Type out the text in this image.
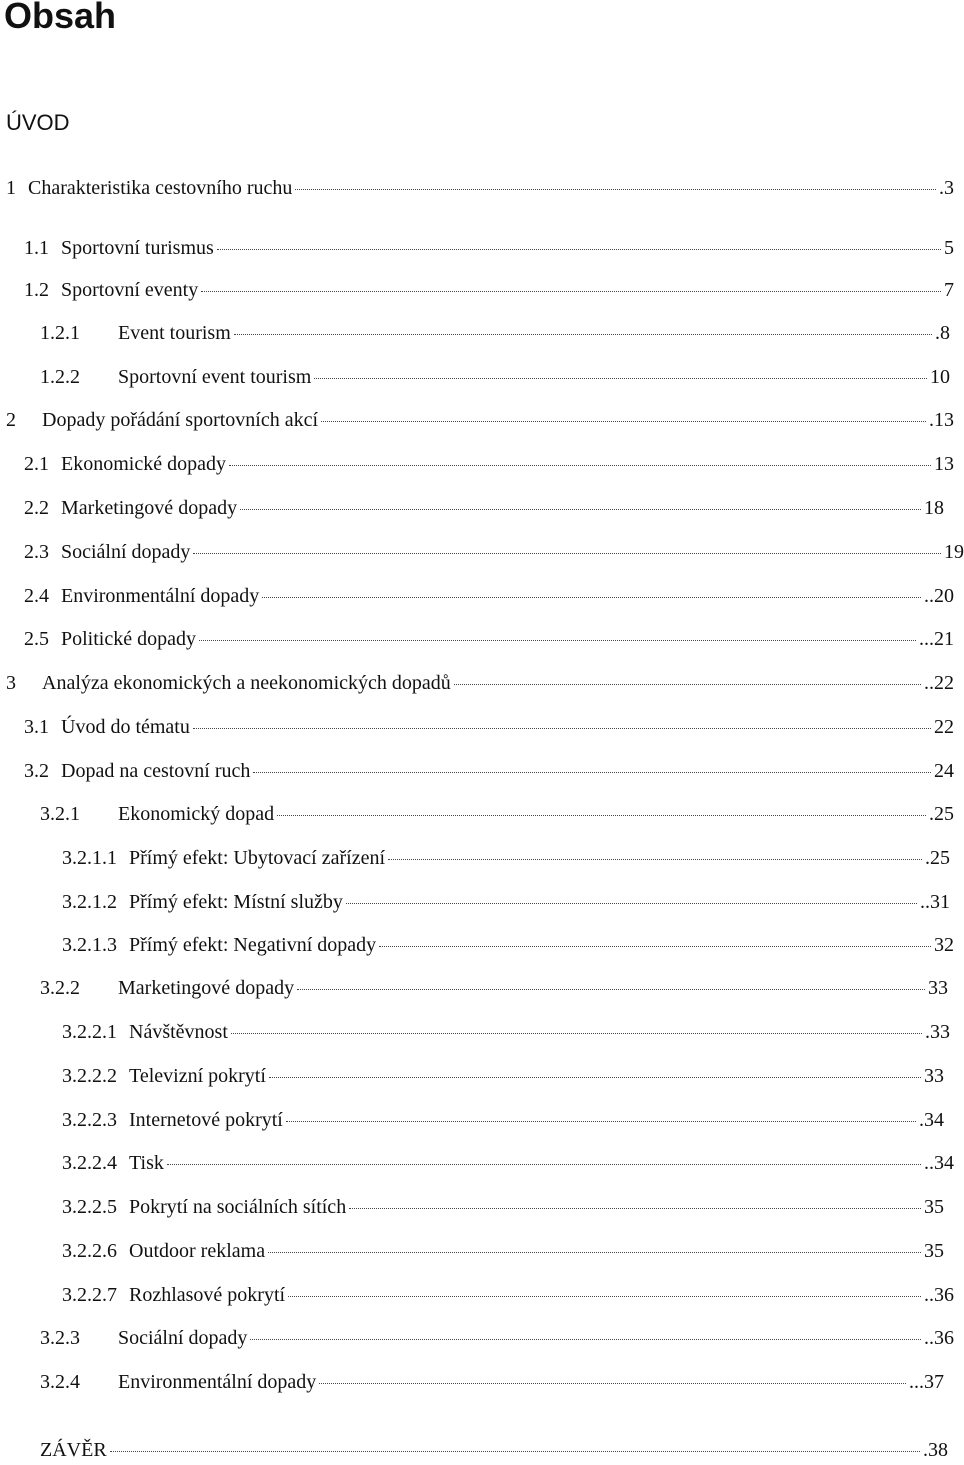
Obsah
ÚVOD
1 Charakteristika cestovního ruchu	.3
1.1 Sportovní turismus	5
1.2 Sportovní eventy	7
1.2.1	Event tourism	.8
1.2.2	Sportovní event tourism	10
2	Dopady pořádání sportovních akcí	.13
2.1 Ekonomické dopady	13
2.2 Marketingové dopady	18
2.3 Sociální dopady	19
2.4 Environmentální dopady	..20
2.5 Politické dopady	...21
3	Analýza ekonomických a neekonomických dopadů	..22
3.1 Úvod do tématu	22
3.2 Dopad na cestovní ruch	24
3.2.1	Ekonomický dopad	.25
3.2.1.1 Přímý efekt: Ubytovací zařízení	.25
3.2.1.2 Přímý efekt: Místní služby	..31
3.2.1.3 Přímý efekt: Negativní dopady	32
3.2.2	Marketingové dopady	33
3.2.2.1 Návštěvnost	.33
3.2.2.2 Televizní pokrytí	33
3.2.2.3 Internetové pokrytí	.34
3.2.2.4 Tisk	..34
3.2.2.5 Pokrytí na sociálních sítích	35
3.2.2.6 Outdoor reklama	35
3.2.2.7 Rozhlasové pokrytí	..36
3.2.3	Sociální dopady	..36
3.2.4	Environmentální dopady	...37
ZÁVĚR	.38
